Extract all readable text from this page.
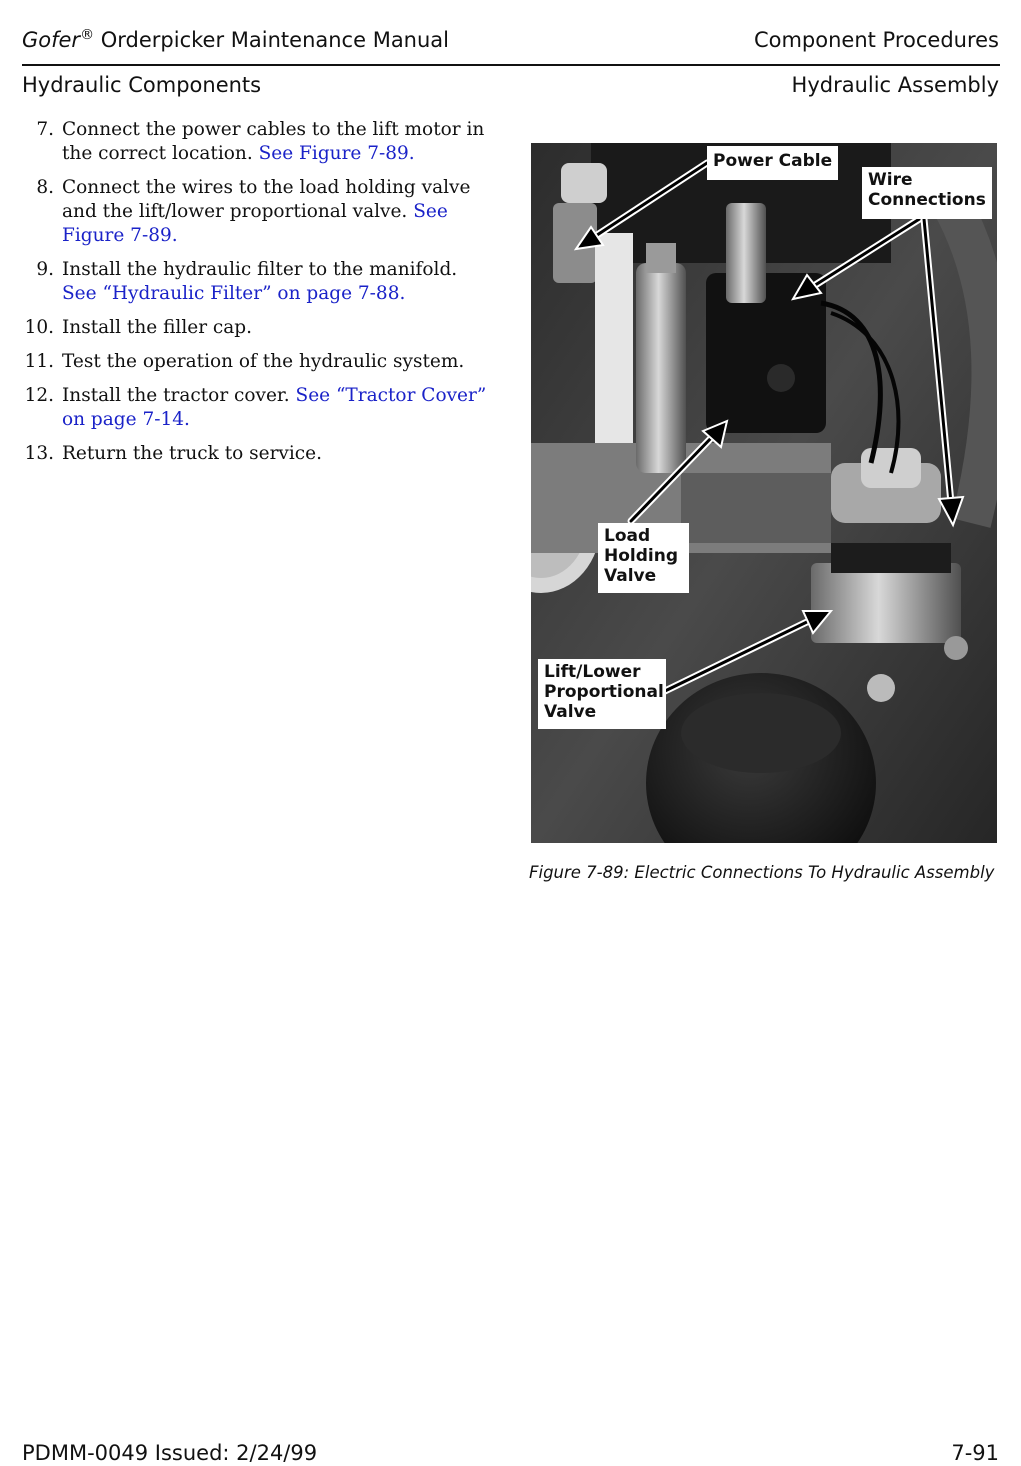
Gofer® Orderpicker Maintenance Manual	Component Procedures
Hydraulic Components	Hydraulic Assembly
7. Connect the power cables to the lift motor in the correct location. See Figure 7-89.
8. Connect the wires to the load holding valve and the lift/lower proportional valve. See Figure 7-89.
9. Install the hydraulic filter to the manifold. See “Hydraulic Filter” on page 7-88.
10. Install the filler cap.
11. Test the operation of the hydraulic system.
12. Install the tractor cover. See “Tractor Cover” on page 7-14.
13. Return the truck to service.
Power Cable
Wire
Connections
Load
Holding
Valve
Lift/Lower
Proportional
Valve
Figure 7-89: Electric Connections To Hydraulic Assembly
PDMM-0049 Issued: 2/24/99	7-91
